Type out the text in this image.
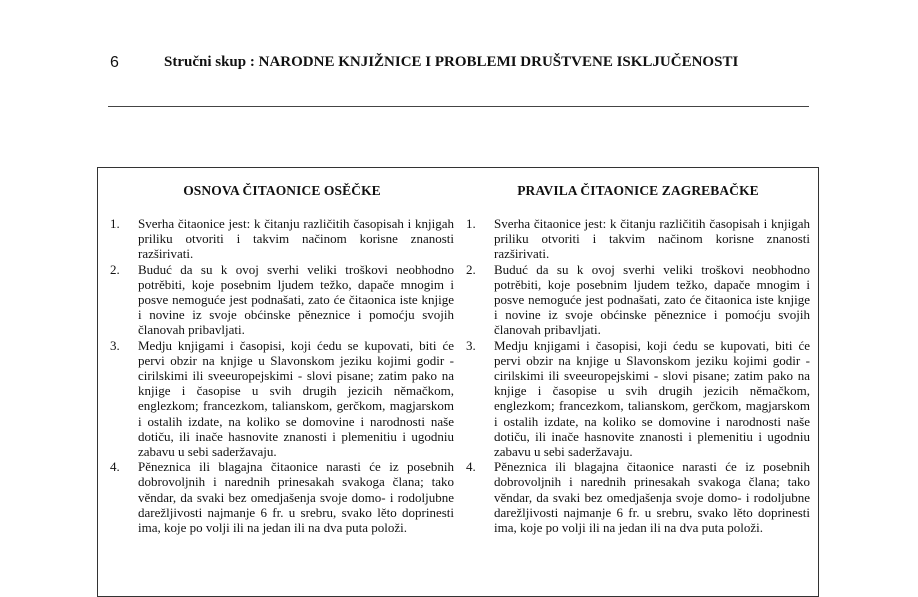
6	Stručni skup : NARODNE KNJIŽNICE I PROBLEMI DRUŠTVENE ISKLJUČENOSTI
OSNOVA ČITAONICE OSĚČKE
1. Sverha čitaonice jest: k čitanju različitih časopisah i knjigah priliku otvoriti i takvim načinom korisne znanosti razširivati.
2. Buduć da su k ovoj sverhi veliki troškovi neobhodno potrěbiti, koje posebnim ljudem težko, dapače mnogim i posve nemoguće jest podnašati, zato će čitaonica iste knjige i novine iz svoje obćinske pěneznice i pomoćju svojih članovah pribavljati.
3. Medju knjigami i časopisi, koji ćedu se kupovati, biti će pervi obzir na knjige u Slavonskom jeziku kojimi godir - cirilskimi ili sveeuropejskimi - slovi pisane; zatim pako na knjige i časopise u svih drugih jezicih němačkom, englezkom; francezkom, talianskom, gerčkom, magjarskom i ostalih izdate, na koliko se domovine i narodnosti naše dotiču, ili inače hasnovite znanosti i plemenitiu i ugodniu zabavu u sebi saderžavaju.
4. Pěneznica ili blagajna čitaonice narasti će iz posebnih dobrovoljnih i narednih prinesakah svakoga člana; tako věndar, da svaki bez omedjašenja svoje domo- i rodoljubne darežljivosti najmanje 6 fr. u srebru, svako lěto doprinesti ima, koje po volji ili na jedan ili na dva puta položi.
PRAVILA ČITAONICE ZAGREBAČKE
1. Sverha čitaonice jest: k čitanju različitih časopisah i knjigah priliku otvoriti i takvim načinom korisne znanosti razširivati.
2. Buduć da su k ovoj sverhi veliki troškovi neobhodno potrěbiti, koje posebnim ljudem težko, dapače mnogim i posve nemoguće jest podnašati, zato će čitaonica iste knjige i novine iz svoje obćinske pěneznice i pomoćju svojih članovah pribavljati.
3. Medju knjigami i časopisi, koji ćedu se kupovati, biti će pervi obzir na knjige u Slavonskom jeziku kojimi godir - cirilskimi ili sveeuropejskimi - slovi pisane; zatim pako na knjige i časopise u svih drugih jezicih němačkom, englezkom; francezkom, talianskom, gerčkom, magjarskom i ostalih izdate, na koliko se domovine i narodnosti naše dotiču, ili inače hasnovite znanosti i plemenitiu i ugodniu zabavu u sebi saderžavaju.
4. Pěneznica ili blagajna čitaonice narasti će iz posebnih dobrovoljnih i narednih prinesakah svakoga člana; tako věndar, da svaki bez omedjašenja svoje domo- i rodoljubne darežljivosti najmanje 6 fr. u srebru, svako lěto doprinesti ima, koje po volji ili na jedan ili na dva puta položi.
